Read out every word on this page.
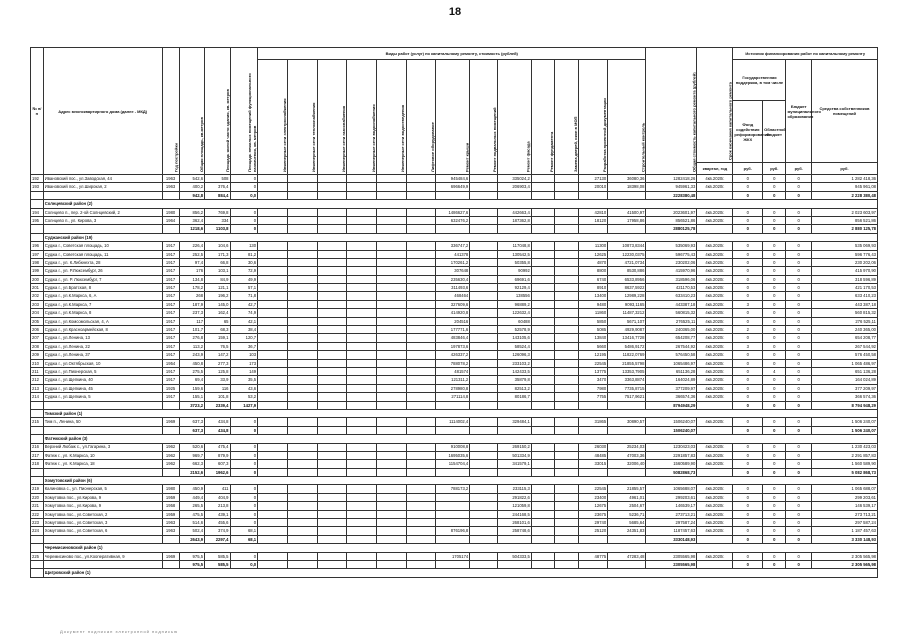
18
№ п/п	Адрес многоквартирного дома (далее - МКД)	Год постройки	Общая площадь, кв.метров	Площадь жилой части здания, кв. метров	Площадь нежилых помещений функционального назначения, кв. метров	Виды работ (услуг) по капитальному ремонту, стоимость (рублей)													Общая стоимость капитального ремонта (рублей)	Срок окончания капитального ремонта	Источник финансирования работ по капитальному ремонту			
						Инженерные сети электроснабжения	Инженерные сети теплоснабжения	Инженерные сети газоснабжения	Инженерные сети водоснабжения	Инженерные сети водоотведения	Лифтовое оборудование	Ремонт крыши	Ремонт подвальных помещений	Ремонт фасада	Ремонт фундамента	Замена дверей, окон в МОП	Разработка проектной документации	Строительный контроль			Государственная поддержка, в том числе		Бюджет муниципального образования	Средства собственников помещений
																					Фонд содействия реформированию ЖКХ	Областной бюджет		
																				квартал, год	руб.	руб.	руб.	руб.
192	Ивановский пос., ул.Заводская, 44	1963	542,6	508	0							945484,6		335024,2			27130	36080,36	1282418,26	4кв.2020г.	0	0	0	1 282 418,36
193	Ивановский пос., ул.Широкая, 2	1963	400,2	376,4	0							696649,9		206903,4			20010	18398,08	945961,33	4кв.2020г.	0	0	0	945 961,08
			942,8	884,4	0,0														2228380,48		0	0	0	2 228 380,48
	Солнцевский район (2)																							
194	Солнцево п., пер. 2-ой Солнцевский, 2	1980	856,2	769,8	0							1486627,6		442663,4			42810	41500,97	2023601,97	4кв.2020г.	0	0	0	2 023 603,97
195	Солнцево п., ул. Кирова, 3	1964	362,4	334	0							632476,2		187362,8			18120	17958,86	856521,86	4кв.2020г.	0	0	0	856 521,86
			1218,6	1103,8	0														2880125,78		0	0	0	2 880 125,78
	Суджанский район (19)																							
196	Суджа г., Советская площадь, 10	1917	226,4	104,6	130							336747,2		117048,8			11300	10873,8344	535069,93	4кв.2020г.	0	0	0	535 069,93
197	Суджа г., Советская площадь, 11	1917	252,5	171,3	81,2							441378		130542,5			12625	12230,0375	596775,43	4кв.2020г.	0	0	0	596 776,43
198	Суджа г., ул. К.Либкнехта, 28	1917	97,4	66,8	30,6							170261,2		50355,8			4870	4721,0734	230202,06	4кв.2020г.	0	0	0	230 202,06
199	Суджа г., ул. Р.Люксембург, 26	1917	176	103,1	72,9							307648		90992			8800	8530,886	415970,96	4кв.2020г.	0	0	0	415 970,90
200	Суджа г., ул. Р. Люксембург, 7	1917	134,8	84,9	49,9							235630,4		69691,6			6740	6533,8956	318596,06	4кв.2020г.	0	0	0	318 596,89
201	Суджа г., ул.Братская, 8	1917	178,2	121,1	57,1							311493,6		92129,4			8910	8637,5922	421170,53	4кв.2020г.	0	0	0	421 170,53
202	Суджа г., ул.К.Маркса, 6, А	1917	268	196,2	71,8							468464		138556			13400	12989,228	633410,23	4кв.2020г.	0	0	0	633 410,23
203	Суджа г., ул.К.Маркса, 7	1917	187,9	145,0	42,7							327609,6		96889,2			9480	9093,1165	443387,18	4кв.2020г.	3	0	0	443 387,18
204	Суджа г., ул.К.Маркса, 8	1917	237,3	162,4	74,9							414920,8		122632,4			11860	11487,3212	560815,32	4кв.2020г.	0	0	0	560 815,32
205	Суджа г., ул.Комсомольская, 4, А	1917	117	65	42,1							204516		60488			5850	5671,107	276525,11	4кв.2020г.	0	0	0	276 525,11
206	Суджа г., ул.Красноармейская, 8	1917	101,7	68,3	38,4							177771,6		52578,9			5085	4929,9087	240365,00	4кв.2020г.	2	0	0	240 365,00
207	Суджа г., ул.Ленина, 13	1917	276,8	159,1	120,7							483846,4		143105,6			13840	13416,7728	654208,77	4кв.2020г.	0	0	0	654 208,77
208	Суджа г., ул.Ленина, 22	1917	113,2	76,5	36,7							197873,6		58524,4			5660	5486,9172	267544,92	4кв.2020г.	3	0	0	267 544,92
209	Суджа г., ул.Ленина, 37	1917	243,9	147,2	103							426337,2		126096,3			12195	11822,0769	576450,58	4кв.2020г.	0	0	0	576 450,58
210	Суджа г., ул.Октябрьская, 10	1954	450,8	277,3	173							788078,2		233103,2			22545	21855,5798	1065486,97	4кв.2020г.	0	0	0	1 065 486,97
211	Суджа г., ул.Пионерская, 5	1917	275,5	125,8	149							481574		142433,5			13775	13353,7905	651136,28	4кв.2020г.	0	4	0	651 136,28
212	Суджа г., ул.Щепкина, 40	1917	69,4	33,9	35,5							121311,2		35879,8			3470	3363,8874	164024,89	4кв.2020г.	0	0	0	164 024,89
213	Суджа г., ул.Щепкина, 45	1925	159,6	116	43,6							278980,8		82513,2			7980	7735,8715	377209,97	4кв.2020г.	0	0	0	377 209,97
214	Суджа г., ул.Щепкина, 5	1917	155,1	101,8	53,2							271114,8		80186,7			7755	7517,9621	366574,36	4кв.2020г.	0	0	0	366 574,36
			3723,2	2339,4	1427,9														8794948,29		0	0	0	8 794 948,29
	Тимский район (1)																							
215	Тим п., Ленина, 50	1969	637,3	434,8	0							1114002,4		329484,1			31865	30890,57	1506240,07	4кв.2020г.	0	0	0	1 506 240,07
			637,3	434,8	0														1506240,07		0	0	0	1 506 240,07
	Фатежский район (3)																							
216	Верхний Любаж с., ул.Гагарина, 3	1962	520,6	475,4	0							910008,8		269150,2			26030	25234,03	1230423,03	4кв.2020г.	0	0	0	1 230 423,03
217	Фатеж г., ул. К.Маркса, 10	1962	969,7	879,9	0							1695035,6		501334,9			48485	47003,36	2291857,83	4кв.2020г.	0	0	0	2 291 857,83
218	Фатеж г., ул. К.Маркса, 18	1962	662,3	607,3	0							1154704,4		341579,1			33015	32006,40	1560589,90	4кв.2020г.	0	0	0	1 560 589,90
			2152,6	1962,6	0														5082868,73		0	0	0	5 082 868,73
	Хомутовский район (6)																							
219	Калиновка с., ул. Пионерская, 5	1980	450,9	411	0							788173,2		233115,3			22545	21855,57	1065688,07	4кв.2020г.	0	0	0	1 065 688,07
220	Хомутовка пос., ул.Кирова, 9	1959	449,4	404,9	0									291822,6			23400	4961,01	299203,61	4кв.2020г.	0	0	0	299 203,61
221	Хомутовка пос., ул.Кирова, 9	1958	265,5	213,8	0									121059,8			12675	2504,67	146539,17	4кв.2020г.	0	0	0	146 539,17
222	Хомутовка пос., ул.Советская, 2	1959	475,5	439,1	0									244168,5			23675	5236,71	273713,21	4кв.2020г.	0	0	0	273 713,21
223	Хомутовка пос., ул.Советская, 3	1963	514,6	455,6	0									268101,6			29740	5685,64	297587,24	4кв.2020г.	0	0	0	297 587,24
224	Хомутовка пос., ул.Советская, 6	1963	502,4	374,9	68,1							876196,8		258748,6			25120	24351,83	1187457,63	4кв.2020г.	0	0	0	1 187 457,63
			2643,9	2297,4	68,1														3330148,93		0	0	0	3 330 148,93
	Черемисиновский район (1)																							
225	Черемисиново пос., ул.Кооперативная, 9	1969	975,5	585,5	0							1705174		504333,5			48775	47283,48	2305565,98	4кв.2020г.	0	0	0	2 305 565,98
			975,5	585,5	0,0														2305565,98		0	0	0	2 305 565,98
	Щигровский район (1)																							
Документ подписан электронной подписью
